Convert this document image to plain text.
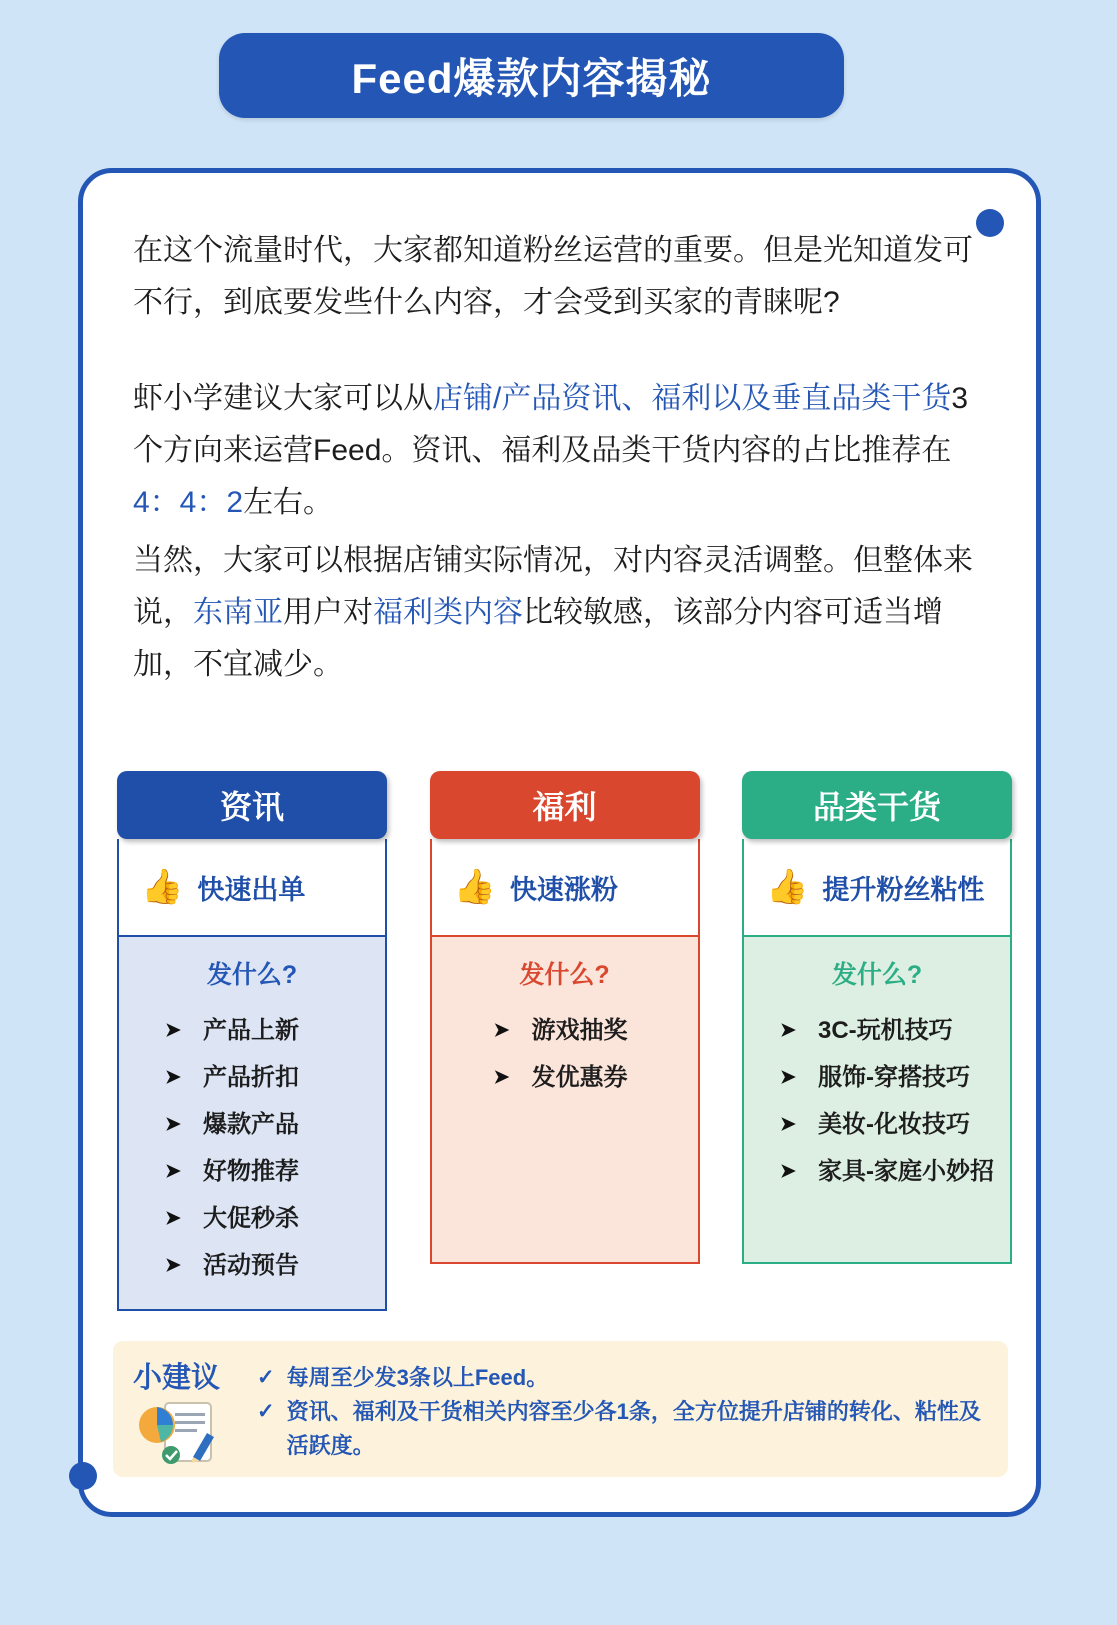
Feed爆款内容揭秘

在这个流量时代，大家都知道粉丝运营的重要。但是光知道发可不行，到底要发些什么内容，才会受到买家的青睐呢?

虾小学建议大家可以从店铺/产品资讯、福利以及垂直品类干货3个方向来运营Feed。资讯、福利及品类干货内容的占比推荐在4：4：2左右。

当然，大家可以根据店铺实际情况，对内容灵活调整。但整体来说，东南亚用户对福利类内容比较敏感，该部分内容可适当增加，不宜减少。

资讯
👍 快速出单
发什么?
➤ 产品上新
➤ 产品折扣
➤ 爆款产品
➤ 好物推荐
➤ 大促秒杀
➤ 活动预告
福利
👍 快速涨粉
发什么?
➤ 游戏抽奖
➤ 发优惠券
品类干货
👍 提升粉丝粘性
发什么?
➤ 3C-玩机技巧
➤ 服饰-穿搭技巧
➤ 美妆-化妆技巧
➤ 家具-家庭小妙招
小建议	✓ 每周至少发3条以上Feed。
✓ 资讯、福利及干货相关内容至少各1条，全方位提升店铺的转化、粘性及活跃度。
